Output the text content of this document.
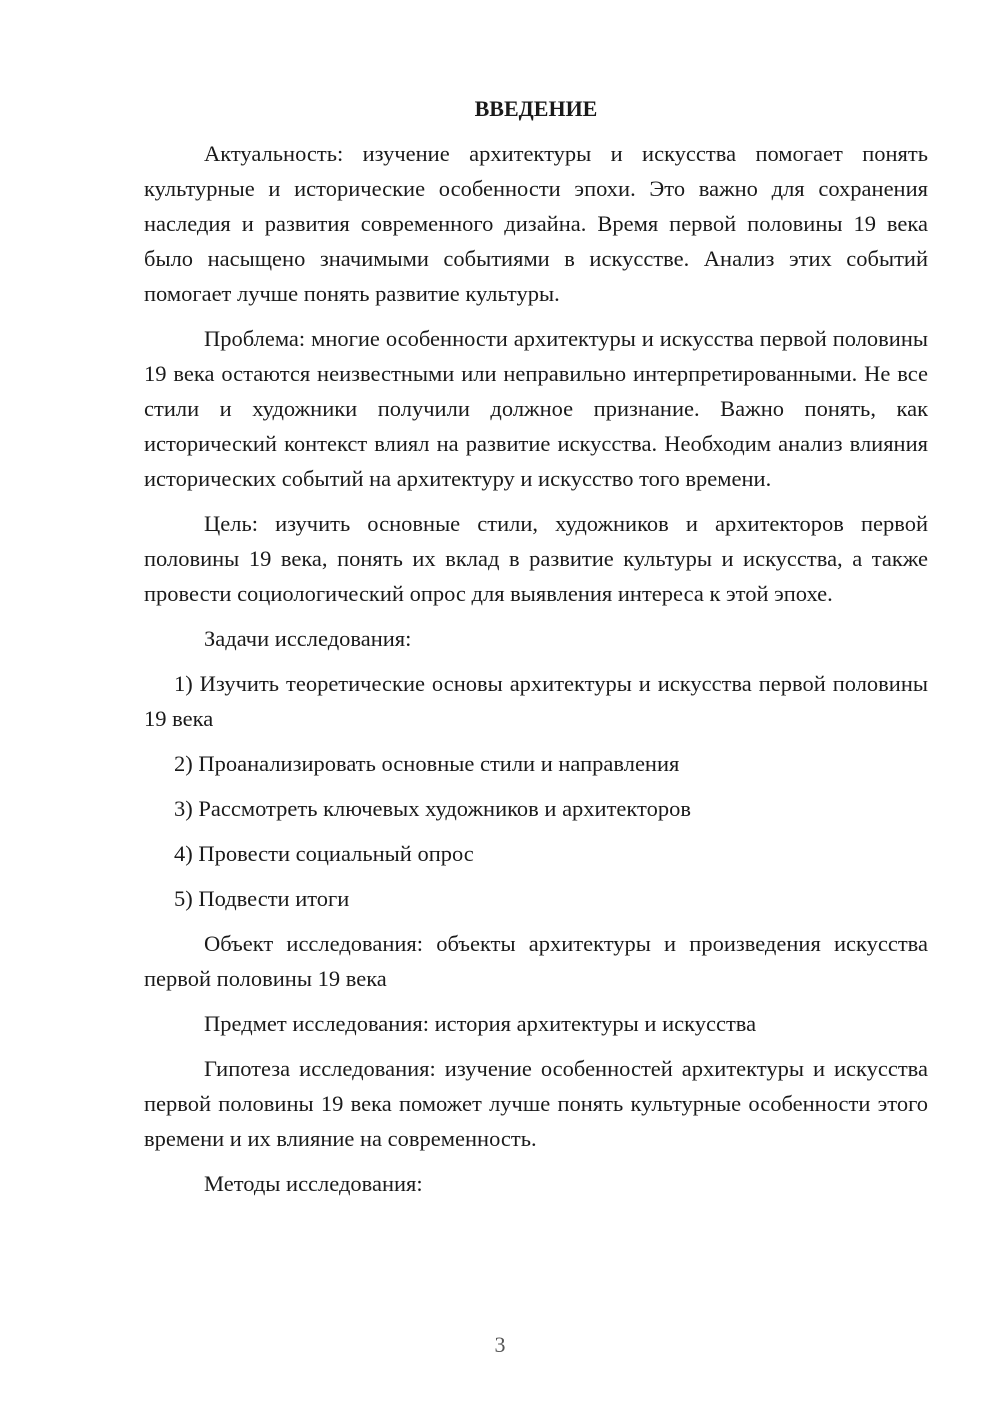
ВВЕДЕНИЕ

Актуальность: изучение архитектуры и искусства помогает понять культурные и исторические особенности эпохи. Это важно для сохранения наследия и развития современного дизайна. Время первой половины 19 века было насыщено значимыми событиями в искусстве. Анализ этих событий помогает лучше понять развитие культуры.

Проблема: многие особенности архитектуры и искусства первой половины 19 века остаются неизвестными или неправильно интерпретированными. Не все стили и художники получили должное признание. Важно понять, как исторический контекст влиял на развитие искусства. Необходим анализ влияния исторических событий на архитектуру и искусство того времени.

Цель: изучить основные стили, художников и архитекторов первой половины 19 века, понять их вклад в развитие культуры и искусства, а также провести социологический опрос для выявления интереса к этой эпохе.

Задачи исследования:

1) Изучить теоретические основы архитектуры и искусства первой половины 19 века

2) Проанализировать основные стили и направления

3) Рассмотреть ключевых художников и архитекторов

4) Провести социальный опрос

5) Подвести итоги

Объект исследования: объекты архитектуры и произведения искусства первой половины 19 века

Предмет исследования: история архитектуры и искусства

Гипотеза исследования: изучение особенностей архитектуры и искусства первой половины 19 века поможет лучше понять культурные особенности этого времени и их влияние на современность.

Методы исследования:

3
